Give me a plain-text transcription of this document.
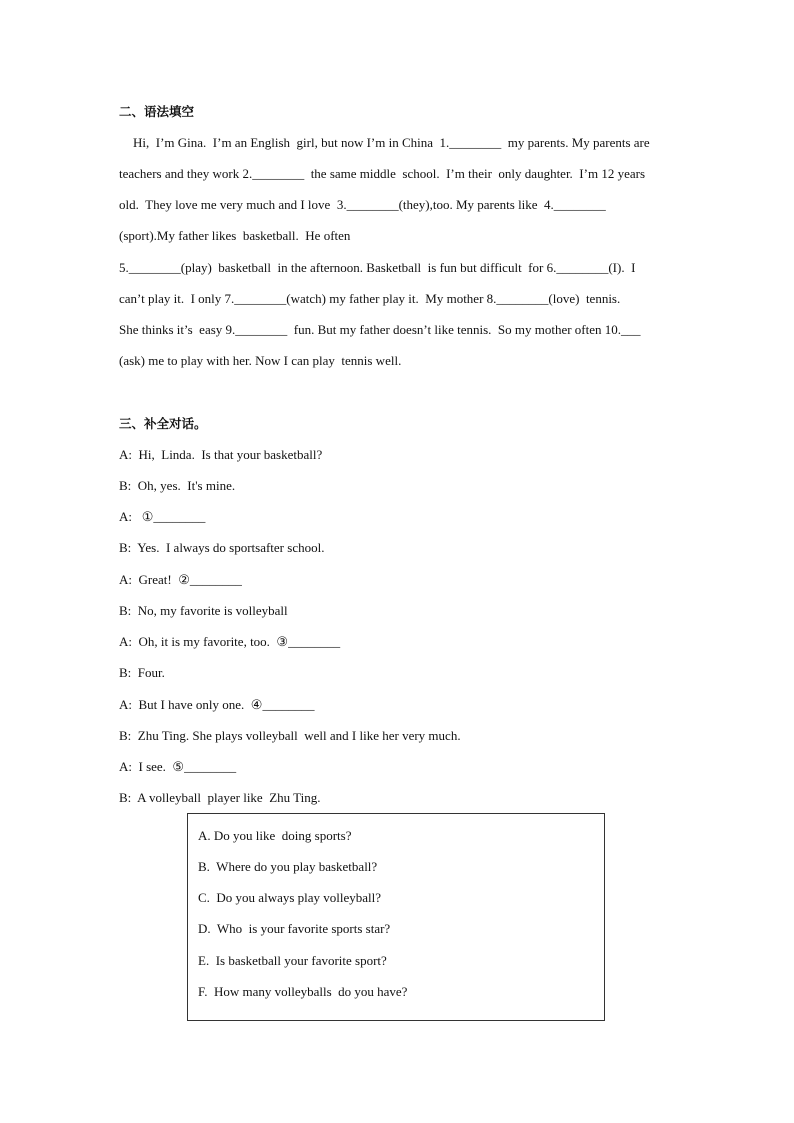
二、语法填空
Hi,  I’m Gina.  I’m an English  girl, but now I’m in China  1.________  my parents. My parents are
teachers and they work 2.________  the same middle  school.  I’m their  only daughter.  I’m 12 years
old.  They love me very much and I love  3.________(they),too. My parents like  4.________
(sport).My father likes  basketball.  He often
5.________(play)  basketball  in the afternoon. Basketball  is fun but difficult  for 6.________(I).  I
can’t play it.  I only 7.________(watch) my father play it.  My mother 8.________(love)  tennis.
She thinks it’s  easy 9.________  fun. But my father doesn’t like tennis.  So my mother often 10.___
(ask) me to play with her. Now I can play  tennis well.
三、补全对话。
A:  Hi,  Linda.  Is that your basketball?
B:  Oh, yes.  It's mine.
A:   ①________
B:  Yes.  I always do sportsafter school.
A:  Great!  ②________
B:  No, my favorite is volleyball
A:  Oh, it is my favorite, too.  ③________
B:  Four.
A:  But I have only one.  ④________
B:  Zhu Ting. She plays volleyball  well and I like her very much.
A:  I see.  ⑤________
B:  A volleyball  player like  Zhu Ting.
A. Do you like  doing sports?
B.  Where do you play basketball?
C.  Do you always play volleyball?
D.  Who  is your favorite sports star?
E.  Is basketball your favorite sport?
F.  How many volleyballs  do you have?
